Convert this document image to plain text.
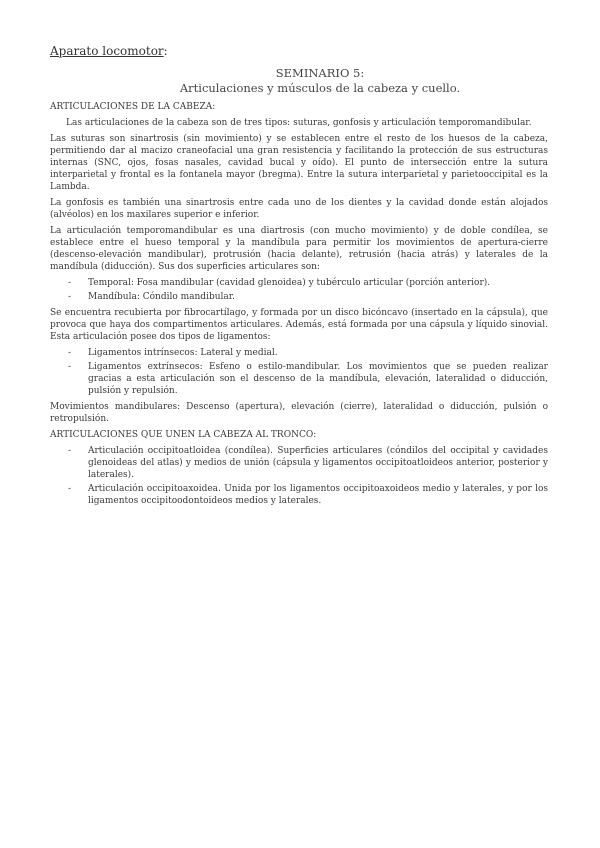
Aparato locomotor:
SEMINARIO 5:
Articulaciones y músculos de la cabeza y cuello.

ARTICULACIONES DE LA CABEZA:

Las articulaciones de la cabeza son de tres tipos: suturas, gonfosis y articulación temporomandibular.

Las suturas son sinartrosis (sin movimiento) y se establecen entre el resto de los huesos de la cabeza, permitiendo dar al macizo craneofacial una gran resistencia y facilitando la protección de sus estructuras internas (SNC, ojos, fosas nasales, cavidad bucal y oído). El punto de intersección entre la sutura interparietal y frontal es la fontanela mayor (bregma). Entre la sutura interparietal y parietooccipital es la Lambda.

La gonfosis es también una sinartrosis entre cada uno de los dientes y la cavidad donde están alojados (alvéolos) en los maxilares superior e inferior.

La articulación temporomandibular es una diartrosis (con mucho movimiento) y de doble condílea, se establece entre el hueso temporal y la mandíbula para permitir los movimientos de apertura-cierre (descenso-elevación mandibular), protrusión (hacia delante), retrusión (hacia atrás) y laterales de la mandíbula (diducción). Sus dos superficies articulares son:

- Temporal: Fosa mandibular (cavidad glenoidea) y tubérculo articular (porción anterior).
- Mandíbula: Cóndilo mandibular.

Se encuentra recubierta por fibrocartílago, y formada por un disco bicóncavo (insertado en la cápsula), que provoca que haya dos compartimentos articulares. Además, está formada por una cápsula y líquido sinovial. Esta articulación posee dos tipos de ligamentos:

- Ligamentos intrínsecos: Lateral y medial.
- Ligamentos extrínsecos: Esfeno o estilo-mandibular. Los movimientos que se pueden realizar gracias a esta articulación son el descenso de la mandíbula, elevación, lateralidad o diducción, pulsión y repulsión.

Movimientos mandibulares: Descenso (apertura), elevación (cierre), lateralidad o diducción, pulsión o retropulsión.

ARTICULACIONES QUE UNEN LA CABEZA AL TRONCO:

- Articulación occipitoatloidea (condílea). Superficies articulares (cóndilos del occipital y cavidades glenoideas del atlas) y medios de unión (cápsula y ligamentos occipitoatloideos anterior, posterior y laterales).
- Articulación occipitoaxoidea. Unida por los ligamentos occipitoaxoideos medio y laterales, y por los ligamentos occipitoodontoideos medios y laterales.
